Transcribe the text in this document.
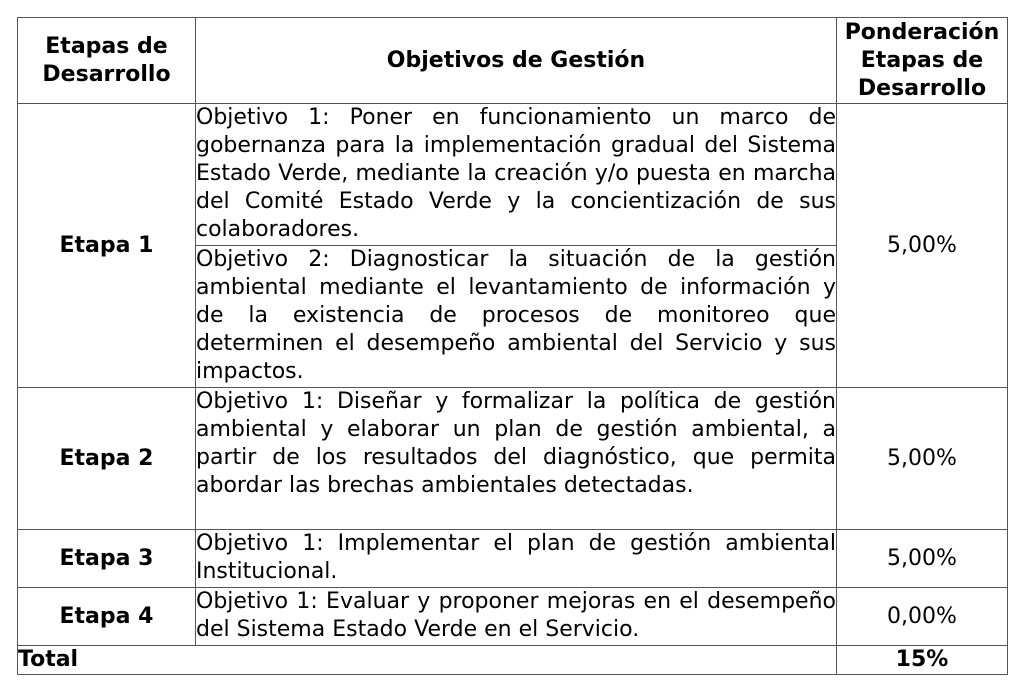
Etapas de Desarrollo	Objetivos de Gestión	Ponderación Etapas de Desarrollo
Etapa 1	Objetivo 1: Poner en funcionamiento un marco de gobernanza para la implementación gradual del Sistema Estado Verde, mediante la creación y/o puesta en marcha del Comité Estado Verde y la concientización de sus colaboradores.	5,00%
	Objetivo 2: Diagnosticar la situación de la gestión ambiental mediante el levantamiento de información y de la existencia de procesos de monitoreo que determinen el desempeño ambiental del Servicio y sus impactos.	
Etapa 2	Objetivo 1: Diseñar y formalizar la política de gestión ambiental y elaborar un plan de gestión ambiental, a partir de los resultados del diagnóstico, que permita abordar las brechas ambientales detectadas.	5,00%
Etapa 3	Objetivo 1: Implementar el plan de gestión ambiental Institucional.	5,00%
Etapa 4	Objetivo 1: Evaluar y proponer mejoras en el desempeño del Sistema Estado Verde en el Servicio.	0,00%
Total		15%
